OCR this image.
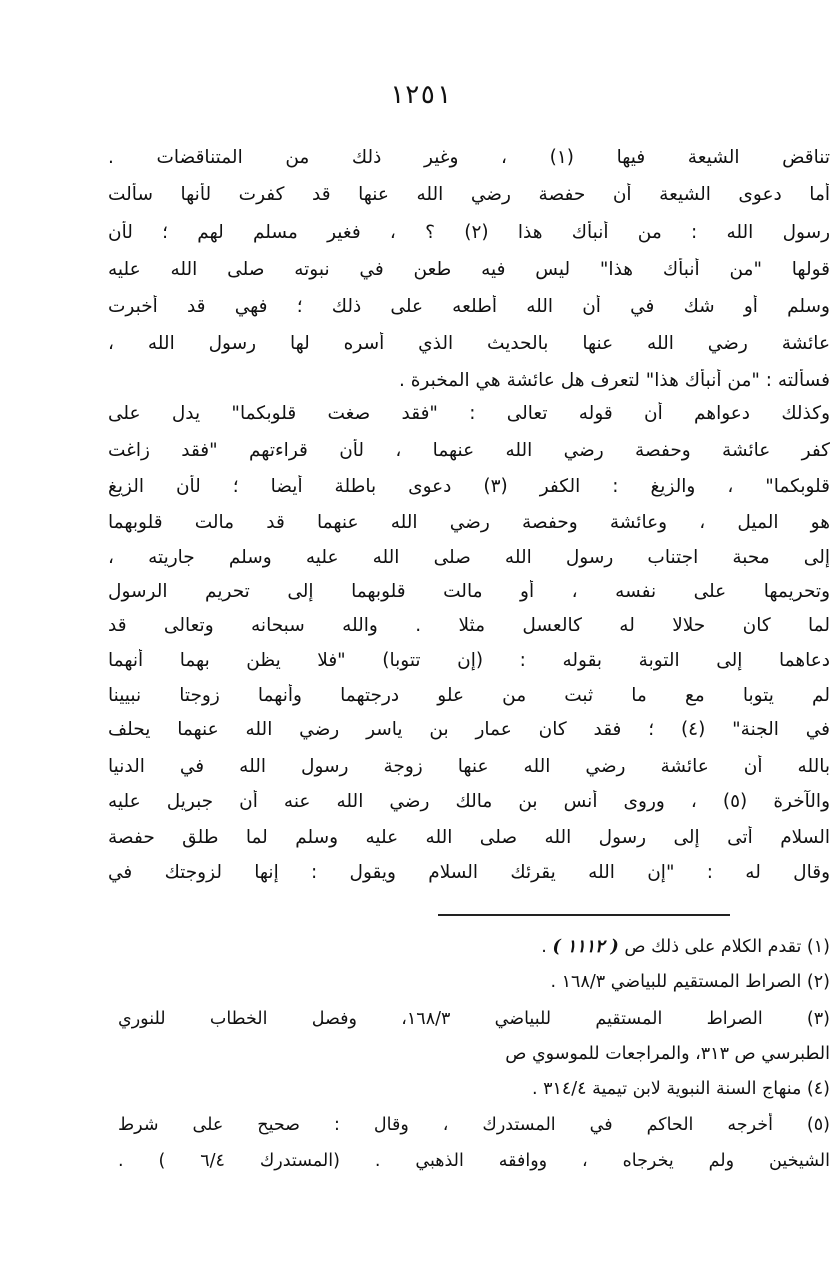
١٢٥١
تناقض الشيعة فيها (١) ، وغير ذلك من المتناقضات .
أما دعوى الشيعة أن حفصة رضي الله عنها قد كفرت لأنها سألت
رسول الله : من أنبأك هذا (٢) ؟ ، فغير مسلم لهم ؛ لأن
قولها "من أنبأك هذا" ليس فيه طعن في نبوته صلى الله عليه
وسلم أو شك في أن الله أطلعه على ذلك ؛ فهي قد أخبرت
عائشة رضي الله عنها بالحديث الذي أسره لها رسول الله ،
فسألته : "من أنبأك هذا" لتعرف هل عائشة هي المخبرة .
وكذلك دعواهم أن قوله تعالى : "فقد صغت قلوبكما" يدل على
كفر عائشة وحفصة رضي الله عنهما ، لأن قراءتهم "فقد زاغت
قلوبكما" ، والزيغ : الكفر (٣) دعوى باطلة أيضا ؛ لأن الزيغ
هو الميل ، وعائشة وحفصة رضي الله عنهما قد مالت قلوبهما
إلى محبة اجتناب رسول الله صلى الله عليه وسلم جاريته ،
وتحريمها على نفسه ، أو مالت قلوبهما إلى تحريم الرسول
لما كان حلالا له كالعسل مثلا . والله سبحانه وتعالى قد
دعاهما إلى التوبة بقوله : (إن تتوبا) "فلا يظن بهما أنهما
لم يتوبا مع ما ثبت من علو درجتهما وأنهما زوجتا نبيينا
في الجنة" (٤) ؛ فقد كان عمار بن ياسر رضي الله عنهما يحلف
بالله أن عائشة رضي الله عنها زوجة رسول الله في الدنيا
والآخرة (٥) ، وروى أنس بن مالك رضي الله عنه أن جبريل عليه
السلام أتى إلى رسول الله صلى الله عليه وسلم لما طلق حفصة
وقال له : "إن الله يقرئك السلام ويقول : إنها لزوجتك في
(١) تقدم الكلام على ذلك ص ( ١١١٢ ) .
(٢) الصراط المستقيم للبياضي ١٦٨/٣ .
(٣) الصراط المستقيم للبياضي ١٦٨/٣، وفصل الخطاب للنوري
الطبرسي ص ٣١٣، والمراجعات للموسوي ص
(٤) منهاج السنة النبوية لابن تيمية ٣١٤/٤ .
(٥) أخرجه الحاكم في المستدرك ، وقال : صحيح على شرط
الشيخين ولم يخرجاه ، ووافقه الذهبي . (المستدرك ٦/٤ ) .
